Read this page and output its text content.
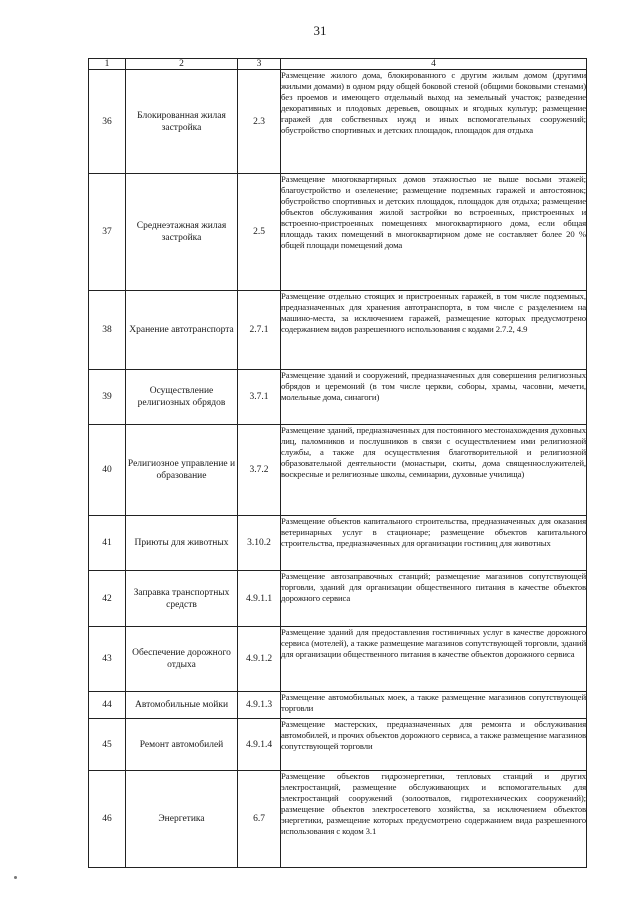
31
1	2	3	4
36	Блокированная жилая застройка	2.3	Размещение жилого дома, блокированного с другим жилым домом (другими жилыми домами) в одном ряду общей боковой стеной (общими боковыми стенами) без проемов и имеющего отдельный выход на земельный участок; разведение декоративных и плодовых деревьев, овощных и ягодных культур; размещение гаражей для собственных нужд и иных вспомогательных сооружений; обустройство спортивных и детских площадок, площадок для отдыха

37	Среднеэтажная жилая застройка	2.5	Размещение многоквартирных домов этажностью не выше восьми этажей; благоустройство и озеленение; размещение подземных гаражей и автостоянок; обустройство спортивных и детских площадок, площадок для отдыха; размещение объектов обслуживания жилой застройки во встроенных, пристроенных и встроенно-пристроенных помещениях многоквартирного дома, если общая площадь таких помещений в многоквартирном доме не составляет более 20 % общей площади помещений дома

38	Хранение автотранспорта	2.7.1	Размещение отдельно стоящих и пристроенных гаражей, в том числе подземных, предназначенных для хранения автотранспорта, в том числе с разделением на машино-места, за исключением гаражей, размещение которых предусмотрено содержанием видов разрешенного использования с кодами 2.7.2, 4.9

39	Осуществление религиозных обрядов	3.7.1	Размещение зданий и сооружений, предназначенных для совершения религиозных обрядов и церемоний (в том числе церкви, соборы, храмы, часовни, мечети, молельные дома, синагоги)

40	Религиозное управление и образование	3.7.2	Размещение зданий, предназначенных для постоянного местонахождения духовных лиц, паломников и послушников в связи с осуществлением ими религиозной службы, а также для осуществления благотворительной и религиозной образовательной деятельности (монастыри, скиты, дома священнослужителей, воскресные и религиозные школы, семинарии, духовные училища)

41	Приюты для животных	3.10.2	Размещение объектов капитального строительства, предназначенных для оказания ветеринарных услуг в стационаре; размещение объектов капитального строительства, предназначенных для организации гостиниц для животных

42	Заправка транспортных средств	4.9.1.1	Размещение автозаправочных станций; размещение магазинов сопутствующей торговли, зданий для организации общественного питания в качестве объектов дорожного сервиса

43	Обеспечение дорожного отдыха	4.9.1.2	Размещение зданий для предоставления гостиничных услуг в качестве дорожного сервиса (мотелей), а также размещение магазинов сопутствующей торговли, зданий для организации общественного питания в качестве объектов дорожного сервиса

44	Автомобильные мойки	4.9.1.3	Размещение автомобильных моек, а также размещение магазинов сопутствующей торговли

45	Ремонт автомобилей	4.9.1.4	Размещение мастерских, предназначенных для ремонта и обслуживания автомобилей, и прочих объектов дорожного сервиса, а также размещение магазинов сопутствующей торговли

46	Энергетика	6.7	Размещение объектов гидроэнергетики, тепловых станций и других электростанций, размещение обслуживающих и вспомогательных для электростанций сооружений (золоотвалов, гидротехнических сооружений); размещение объектов электросетевого хозяйства, за исключением объектов энергетики, размещение которых предусмотрено содержанием вида разрешенного использования с кодом 3.1
